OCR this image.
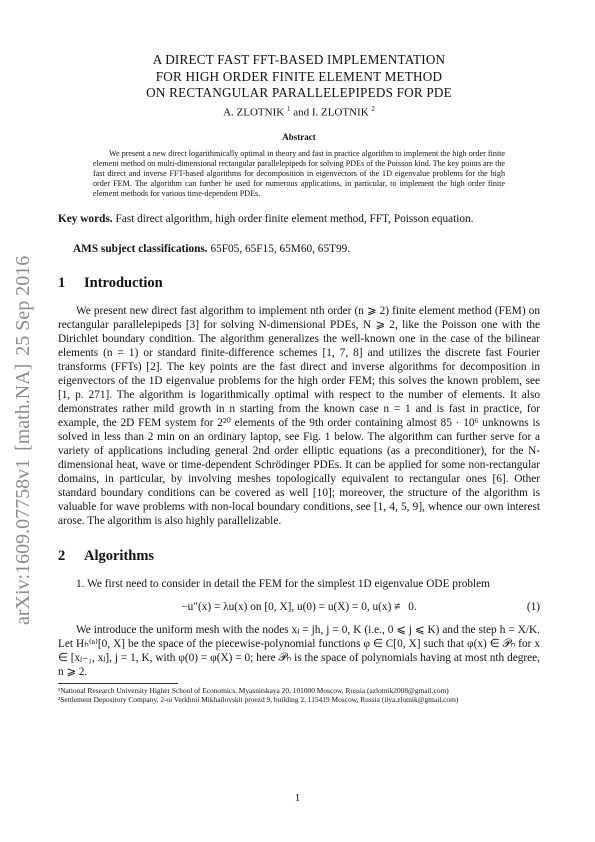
arXiv:1609.07758v1[math.NA]25 Sep 2016
A DIRECT FAST FFT-BASED IMPLEMENTATION
FOR HIGH ORDER FINITE ELEMENT METHOD
ON RECTANGULAR PARALLELEPIPEDS FOR PDE
A. ZLOTNIK $^1$ and I. ZLOTNIK $^2$
Abstract

We present a new direct logarithmically optimal in theory and fast in practice algorithm to implement the high order finite element method on multi-dimensional rectangular parallelepipeds for solving PDEs of the Poisson kind. The key points are the fast direct and inverse FFT-based algorithms for decomposition in eigenvectors of the 1D eigenvalue problems for the high order FEM. The algorithm can further be used for numerous applications, in particular, to implement the high order finite element methods for various time-dependent PDEs.

Key words. Fast direct algorithm, high order finite element method, FFT, Poisson equation.
AMS subject classifications. 65F05, 65F15, 65M60, 65T99.
1 Introduction

We present new direct fast algorithm to implement nth order (n ⩾ 2) finite element method (FEM) on rectangular parallelepipeds [3] for solving N-dimensional PDEs, N ⩾ 2, like the Poisson one with the Dirichlet boundary condition. The algorithm generalizes the well-known one in the case of the bilinear elements (n = 1) or standard finite-difference schemes [1, 7, 8] and utilizes the discrete fast Fourier transforms (FFTs) [2]. The key points are the fast direct and inverse algorithms for decomposition in eigenvectors of the 1D eigenvalue problems for the high order FEM; this solves the known problem, see [1, p. 271]. The algorithm is logarithmically optimal with respect to the number of elements. It also demonstrates rather mild growth in n starting from the known case n = 1 and is fast in practice, for example, the 2D FEM system for 2²⁰ elements of the 9th order containing almost 85 · 10⁶ unknowns is solved in less than 2 min on an ordinary laptop, see Fig. 1 below. The algorithm can further serve for a variety of applications including general 2nd order elliptic equations (as a preconditioner), for the N-dimensional heat, wave or time-dependent Schrödinger PDEs. It can be applied for some non-rectangular domains, in particular, by involving meshes topologically equivalent to rectangular ones [6]. Other standard boundary conditions can be covered as well [10]; moreover, the structure of the algorithm is valuable for wave problems with non-local boundary conditions, see [1, 4, 5, 9], whence our own interest arose. The algorithm is also highly parallelizable.

2 Algorithms

1. We first need to consider in detail the FEM for the simplest 1D eigenvalue ODE problem

−u″(x) = λu(x) on [0, X], u(0) = u(X) = 0, u(x) ≢ 0.	(1)

We introduce the uniform mesh with the nodes xⱼ = jh, j = 0, K (i.e., 0 ⩽ j ⩽ K) and the step h = X/K. Let Hₕ⁽ⁿ⁾[0, X] be the space of the piecewise-polynomial functions φ ∈ C[0, X] such that φ(x) ∈ 𝒫ₙ for x ∈ [xⱼ₋₁, xⱼ], j = 1, K, with φ(0) = φ(X) = 0; here 𝒫ₙ is the space of polynomials having at most nth degree, n ⩾ 2.

¹National Research University Higher School of Economics, Myasnitskaya 20, 101000 Moscow, Russia (azlotnik2008@gmail.com)
²Settlement Depository Company, 2-oi Verkhnii Mikhailovskii proezd 9, building 2, 115419 Moscow, Russia (ilya.zlotnik@gmail.com)
1
